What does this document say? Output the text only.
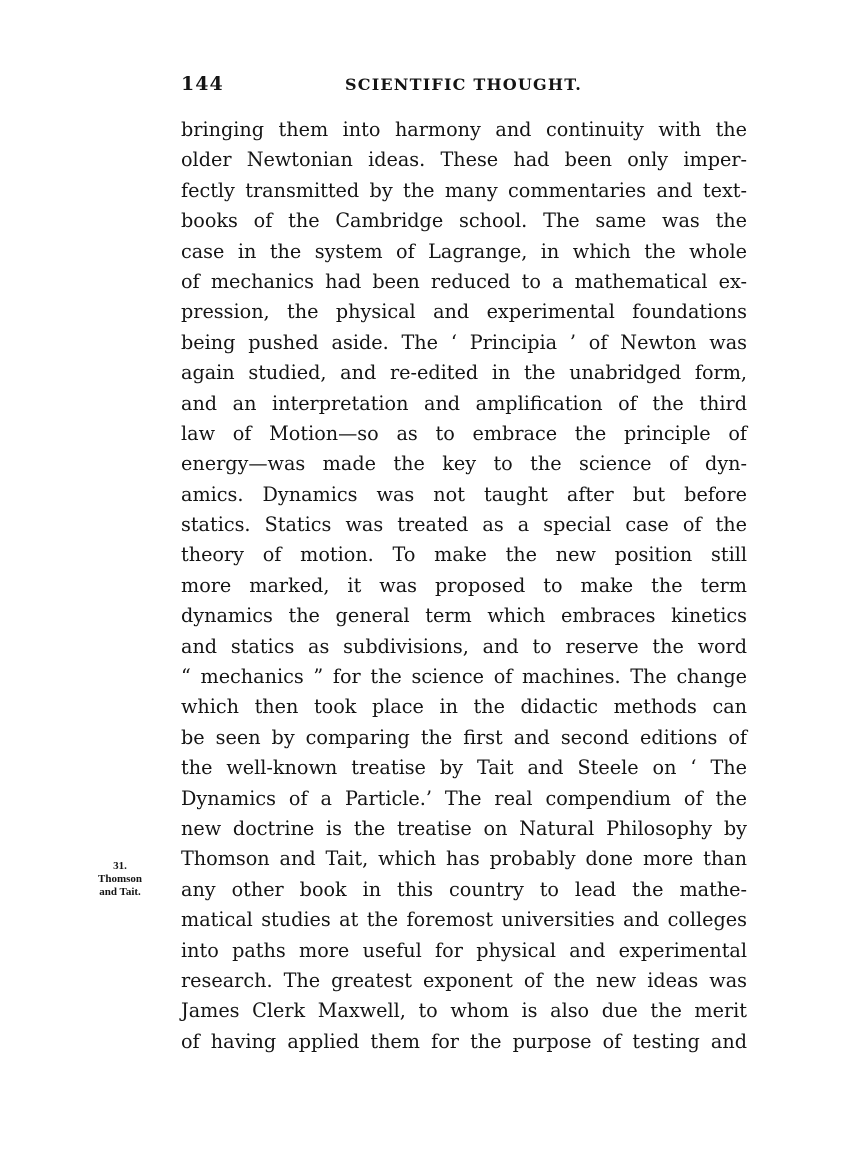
144	SCIENTIFIC THOUGHT.
31.
Thomson
and Tait.
bringing them into harmony and continuity with the
older Newtonian ideas. These had been only imper-
fectly transmitted by the many commentaries and text-
books of the Cambridge school. The same was the
case in the system of Lagrange, in which the whole
of mechanics had been reduced to a mathematical ex-
pression, the physical and experimental foundations
being pushed aside. The ‘ Principia ’ of Newton was
again studied, and re-edited in the unabridged form,
and an interpretation and amplification of the third
law of Motion—so as to embrace the principle of
energy—was made the key to the science of dyn-
amics. Dynamics was not taught after but before
statics. Statics was treated as a special case of the
theory of motion. To make the new position still
more marked, it was proposed to make the term
dynamics the general term which embraces kinetics
and statics as subdivisions, and to reserve the word
“ mechanics ” for the science of machines. The change
which then took place in the didactic methods can
be seen by comparing the first and second editions of
the well-known treatise by Tait and Steele on ‘ The
Dynamics of a Particle.’ The real compendium of the
new doctrine is the treatise on Natural Philosophy by
Thomson and Tait, which has probably done more than
any other book in this country to lead the mathe-
matical studies at the foremost universities and colleges
into paths more useful for physical and experimental
research. The greatest exponent of the new ideas was
James Clerk Maxwell, to whom is also due the merit
of having applied them for the purpose of testing and
